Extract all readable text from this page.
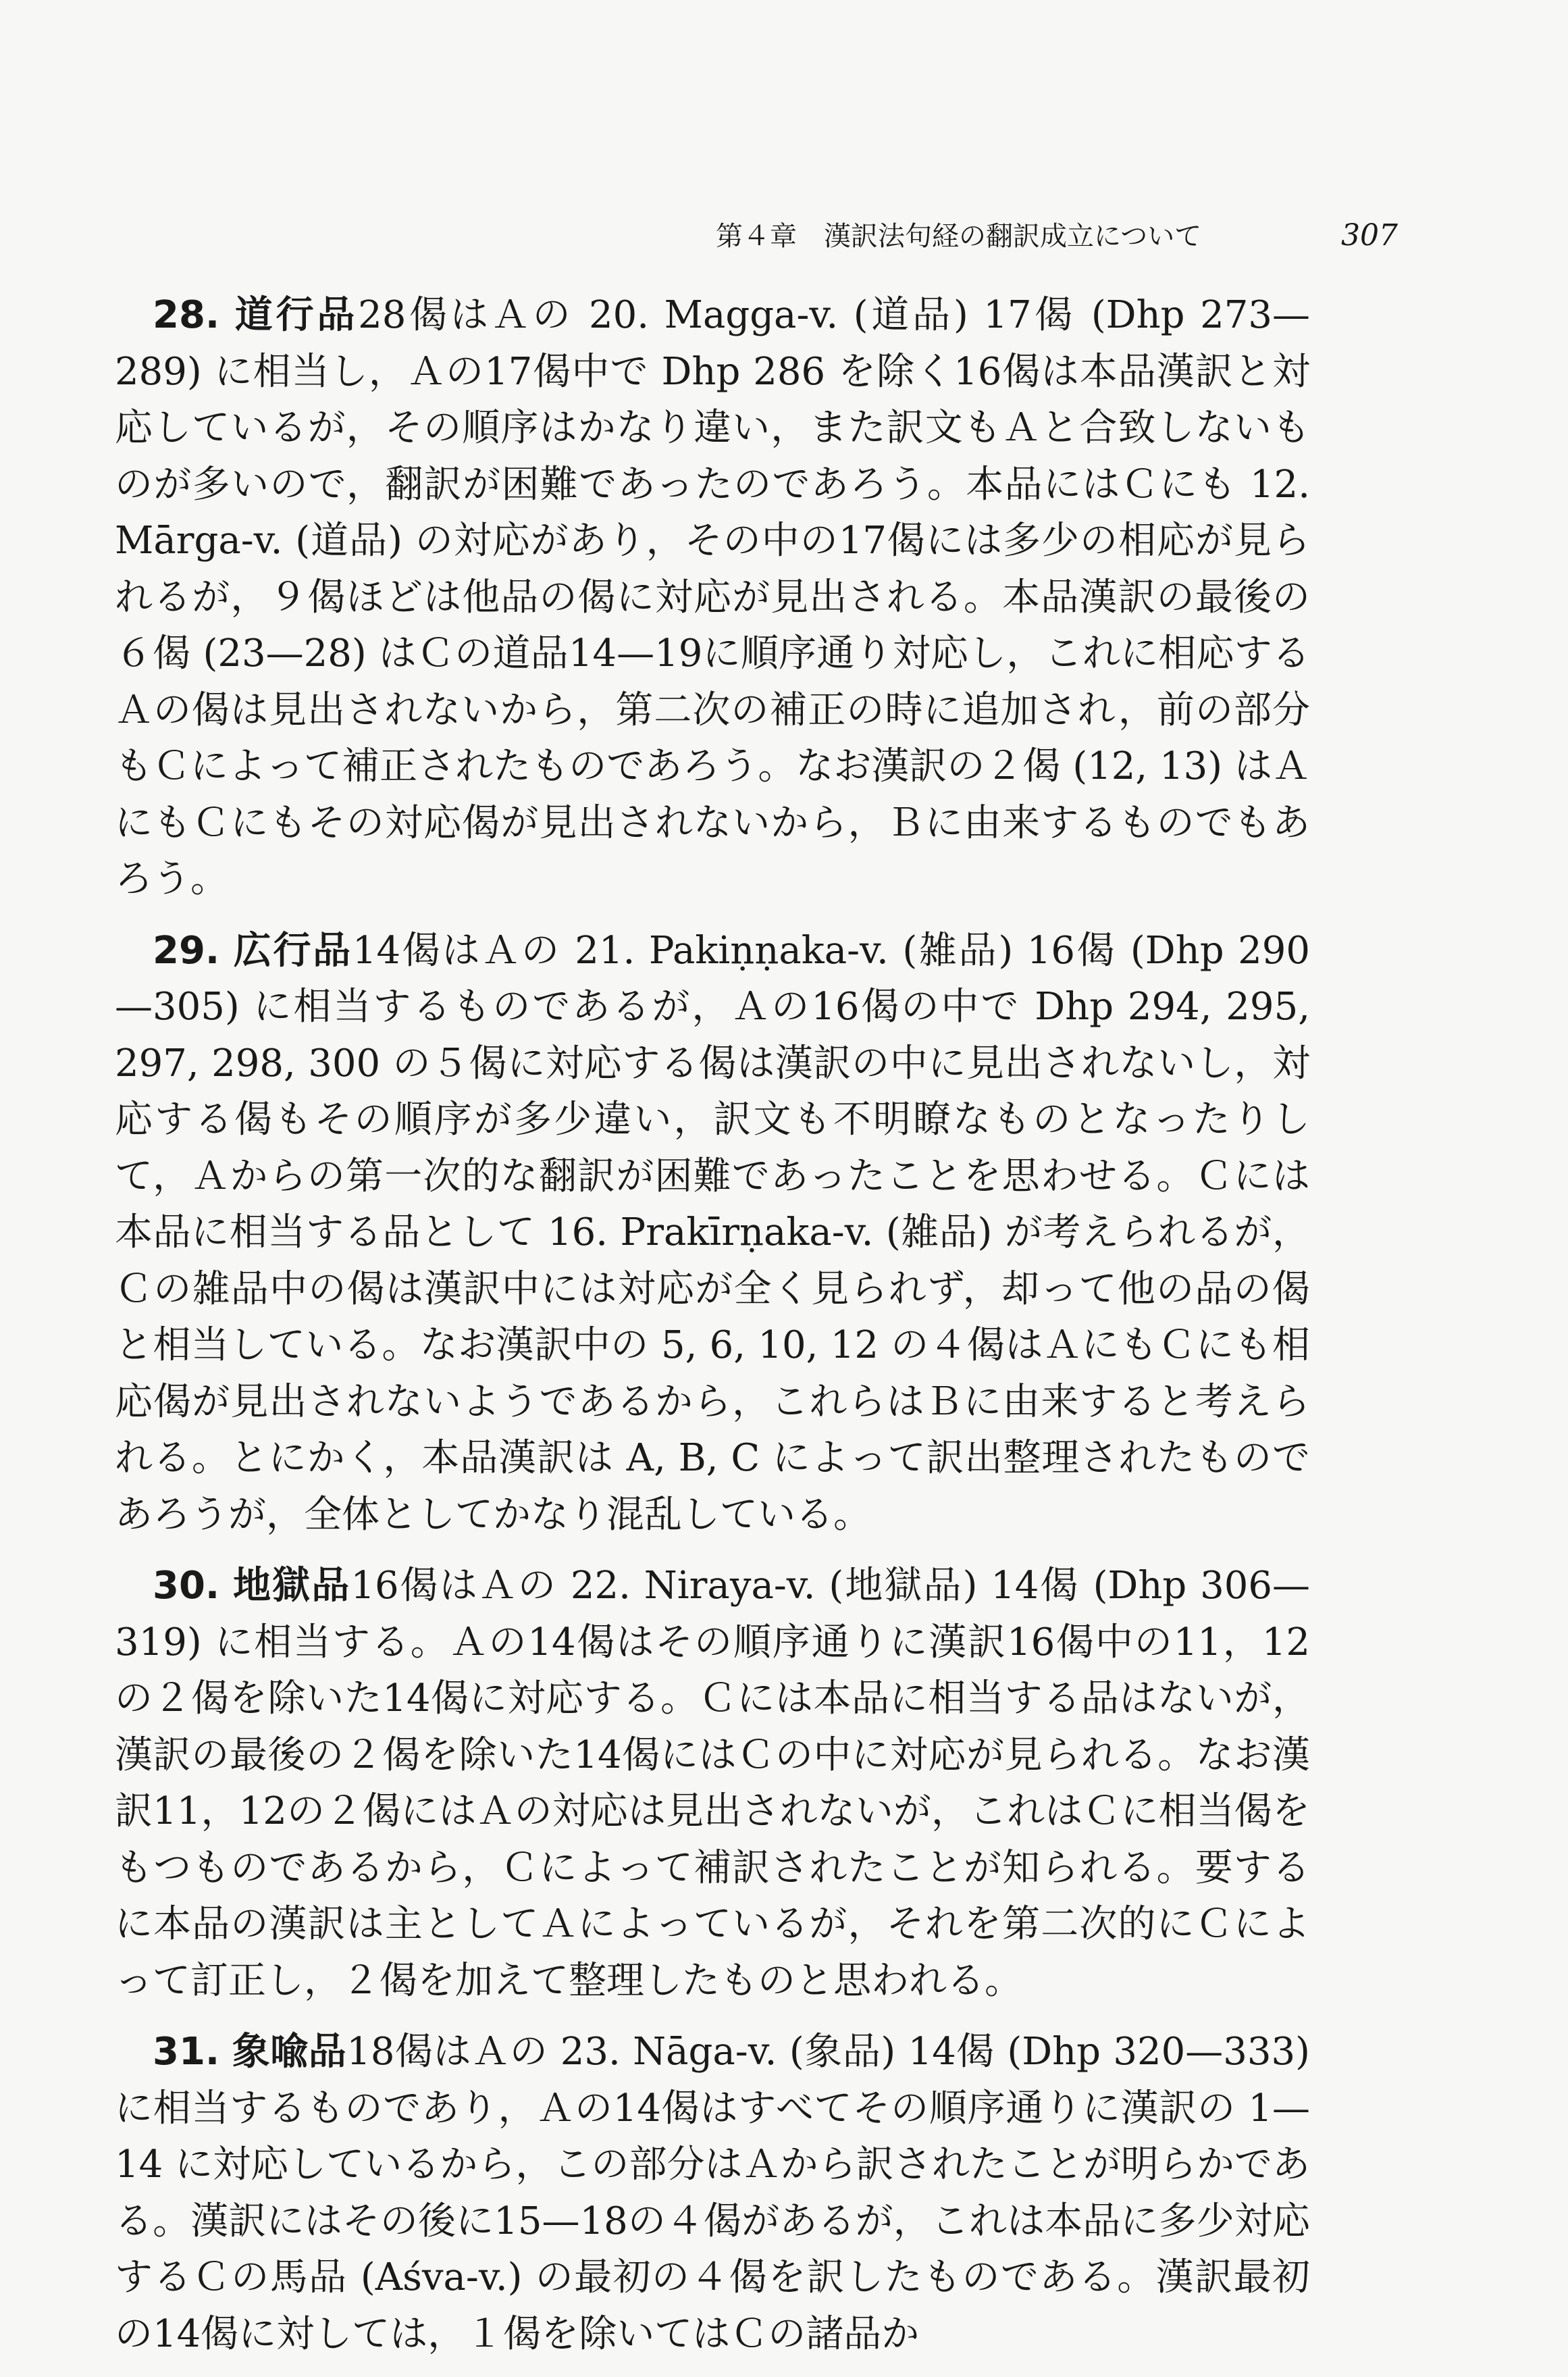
第４章　漢訳法句経の翻訳成立について	307

28. 道行品28偈はＡの 20. Magga-v. (道品) 17偈 (Dhp 273—289) に相当し，Ａの17偈中で Dhp 286 を除く16偈は本品漢訳と対応しているが，その順序はかなり違い，また訳文もＡと合致しないものが多いので，翻訳が困難であったのであろう。本品にはＣにも 12. Mārga-v. (道品) の対応があり，その中の17偈には多少の相応が見られるが，９偈ほどは他品の偈に対応が見出される。本品漢訳の最後の６偈 (23—28) はＣの道品14—19に順序通り対応し，これに相応するＡの偈は見出されないから，第二次の補正の時に追加され，前の部分もＣによって補正されたものであろう。なお漢訳の２偈 (12, 13) はＡにもＣにもその対応偈が見出されないから，Ｂに由来するものでもあろう。

29. 広行品14偈はＡの 21. Pakiṇṇaka-v. (雑品) 16偈 (Dhp 290—305) に相当するものであるが，Ａの16偈の中で Dhp 294, 295, 297, 298, 300 の５偈に対応する偈は漢訳の中に見出されないし，対応する偈もその順序が多少違い，訳文も不明瞭なものとなったりして，Ａからの第一次的な翻訳が困難であったことを思わせる。Ｃには本品に相当する品として 16. Prakīrṇaka-v. (雑品) が考えられるが，Ｃの雑品中の偈は漢訳中には対応が全く見られず，却って他の品の偈と相当している。なお漢訳中の 5, 6, 10, 12 の４偈はＡにもＣにも相応偈が見出されないようであるから，これらはＢに由来すると考えられる。とにかく，本品漢訳は A, B, C によって訳出整理されたものであろうが，全体としてかなり混乱している。

30. 地獄品16偈はＡの 22. Niraya-v. (地獄品) 14偈 (Dhp 306—319) に相当する。Ａの14偈はその順序通りに漢訳16偈中の11，12の２偈を除いた14偈に対応する。Ｃには本品に相当する品はないが，漢訳の最後の２偈を除いた14偈にはＣの中に対応が見られる。なお漢訳11，12の２偈にはＡの対応は見出されないが，これはＣに相当偈をもつものであるから，Ｃによって補訳されたことが知られる。要するに本品の漢訳は主としてＡによっているが，それを第二次的にＣによって訂正し，２偈を加えて整理したものと思われる。

31. 象喩品18偈はＡの 23. Nāga-v. (象品) 14偈 (Dhp 320—333) に相当するものであり，Ａの14偈はすべてその順序通りに漢訳の 1—14 に対応しているから，この部分はＡから訳されたことが明らかである。漢訳にはその後に15—18の４偈があるが，これは本品に多少対応するＣの馬品 (Aśva-v.) の最初の４偈を訳したものである。漢訳最初の14偈に対しては，１偈を除いてはＣの諸品か
